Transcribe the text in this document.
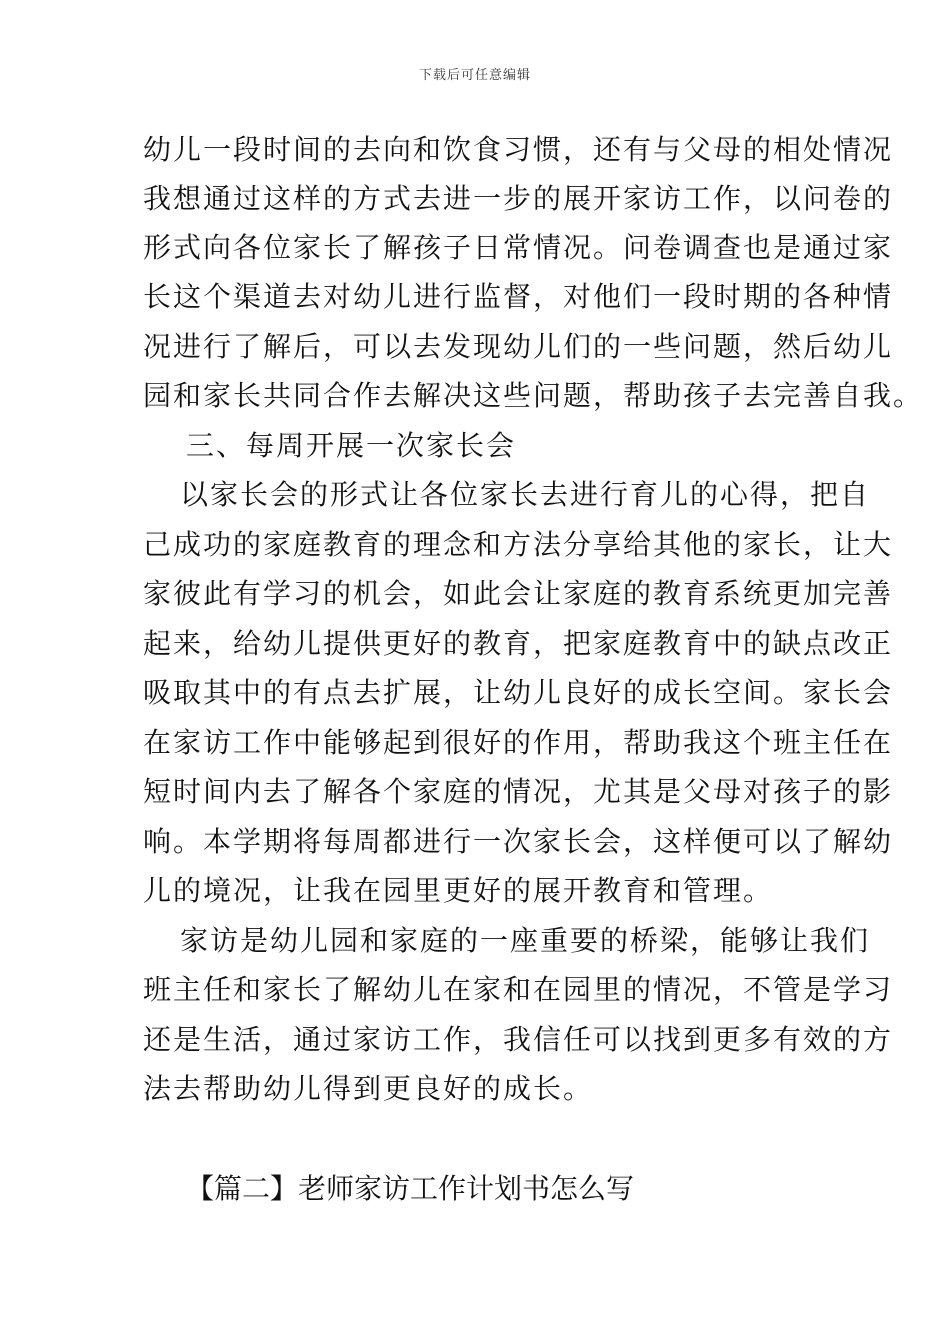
下载后可任意编辑
幼儿一段时间的去向和饮食习惯，还有与父母的相处情况
我想通过这样的方式去进一步的展开家访工作，以问卷的
形式向各位家长了解孩子日常情况。问卷调查也是通过家
长这个渠道去对幼儿进行监督，对他们一段时期的各种情
况进行了解后，可以去发现幼儿们的一些问题，然后幼儿
园和家长共同合作去解决这些问题，帮助孩子去完善自我。
三、每周开展一次家长会
以家长会的形式让各位家长去进行育儿的心得，把自
己成功的家庭教育的理念和方法分享给其他的家长，让大
家彼此有学习的机会，如此会让家庭的教育系统更加完善
起来，给幼儿提供更好的教育，把家庭教育中的缺点改正
吸取其中的有点去扩展，让幼儿良好的成长空间。家长会
在家访工作中能够起到很好的作用，帮助我这个班主任在
短时间内去了解各个家庭的情况，尤其是父母对孩子的影
响。本学期将每周都进行一次家长会，这样便可以了解幼
儿的境况，让我在园里更好的展开教育和管理。
家访是幼儿园和家庭的一座重要的桥梁，能够让我们
班主任和家长了解幼儿在家和在园里的情况，不管是学习
还是生活，通过家访工作，我信任可以找到更多有效的方
法去帮助幼儿得到更良好的成长。
【篇二】老师家访工作计划书怎么写
